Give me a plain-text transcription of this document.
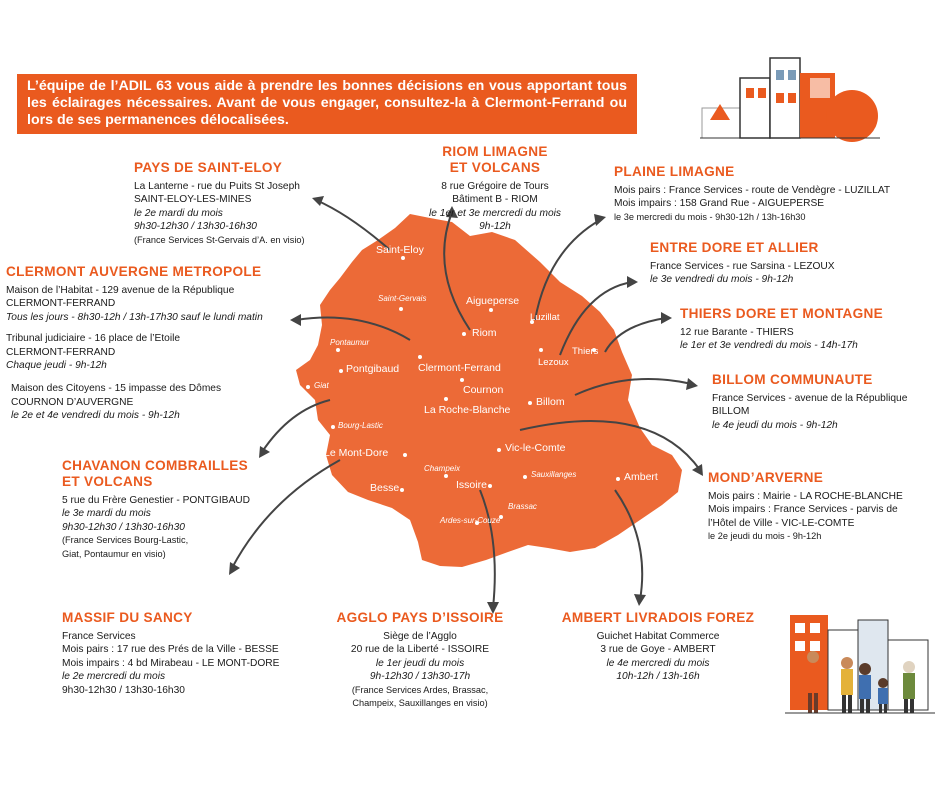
L’équipe de l’ADIL 63 vous aide à prendre les bonnes décisions en vous apportant tous les éclairages nécessaires. Avant de vous engager, consultez-la à Clermont-Ferrand ou lors de ses permanences délocalisées.
Saint-Eloy
Saint-Gervais	Aigueperse
Luzillat
Riom
Pontaumur
Thiers
Pontgibaud Clermont-Ferrand	Lezoux
Giat	Cournon
Billom
La Roche-Blanche
Bourg-Lastic
Le Mont-Dore	Vic-le-Comte
Champeix
Sauxillanges
Issoire
Ambert
Besse
Brassac
Ardes-sur-Couze
PAYS DE SAINT-ELOY
La Lanterne - rue du Puits St Joseph
SAINT-ELOY-LES-MINES
le 2e mardi du mois
9h30-12h30 / 13h30-16h30
(France Services St-Gervais d’A. en visio)
RIOM LIMAGNE
ET VOLCANS
8 rue Grégoire de Tours
Bâtiment B - RIOM
le 1er et 3e mercredi du mois
9h-12h
PLAINE LIMAGNE
Mois pairs : France Services - route de Vendègre - LUZILLAT
Mois impairs : 158 Grand Rue - AIGUEPERSE
le 3e mercredi du mois - 9h30-12h / 13h-16h30
ENTRE DORE ET ALLIER
France Services - rue Sarsina - LEZOUX
le 3e vendredi du mois - 9h-12h
THIERS DORE ET MONTAGNE
12 rue Barante - THIERS
le 1er et 3e vendredi du mois - 14h-17h
BILLOM COMMUNAUTE
France Services - avenue de la République
BILLOM
le 4e jeudi du mois - 9h-12h
MOND’ARVERNE
Mois pairs : Mairie - LA ROCHE-BLANCHE
Mois impairs : France Services - parvis de
l’Hôtel de Ville - VIC-LE-COMTE
le 2e jeudi du mois - 9h-12h
CLERMONT AUVERGNE METROPOLE
Maison de l’Habitat - 129 avenue de la République
CLERMONT-FERRAND
Tous les jours - 8h30-12h / 13h-17h30 sauf le lundi matin
Tribunal judiciaire - 16 place de l’Etoile
CLERMONT-FERRAND
Chaque jeudi - 9h-12h
Maison des Citoyens - 15 impasse des Dômes
COURNON D’AUVERGNE
le 2e et 4e vendredi du mois - 9h-12h
CHAVANON COMBRAILLES
ET VOLCANS
5 rue du Frère Genestier - PONTGIBAUD
le 3e mardi du mois
9h30-12h30 / 13h30-16h30
(France Services Bourg-Lastic,
Giat, Pontaumur en visio)
MASSIF DU SANCY
France Services
Mois pairs : 17 rue des Prés de la Ville - BESSE
Mois impairs : 4 bd Mirabeau - LE MONT-DORE
le 2e mercredi du mois
9h30-12h30 / 13h30-16h30
AGGLO PAYS D’ISSOIRE
Siège de l’Agglo
20 rue de la Liberté - ISSOIRE
le 1er jeudi du mois
9h-12h30 / 13h30-17h
(France Services Ardes, Brassac,
Champeix, Sauxillanges en visio)
AMBERT LIVRADOIS FOREZ
Guichet Habitat Commerce
3 rue de Goye - AMBERT
le 4e mercredi du mois
10h-12h / 13h-16h
